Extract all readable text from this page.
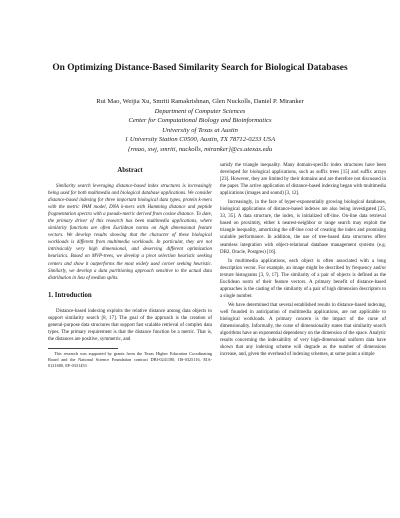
On Optimizing Distance-Based Similarity Search for Biological Databases
Rui Mao, Weijia Xu, Smriti Ramakrishnan, Glen Nuckolls, Daniel P. Miranker
Department of Computer Sciences
Center for Computational Biology and Bioinformatics
University of Texas at Austin
1 University Station C0500, Austin, TX 78712-0233 USA
{rmao, xwj, smriti, nuckolls, miranker}@cs.utexas.edu
Abstract

Similarity search leveraging distance-based index structures is increasingly being used for both multimedia and biological database applications. We consider distance-based indexing for three important biological data types, protein k-mers with the metric PAM model, DNA k-mers with Hamming distance and peptide fragmentation spectra with a pseudo-metric derived from cosine distance. To date, the primary driver of this research has been multimedia applications, where similarity functions are often Euclidean norms on high dimensional feature vectors. We develop results showing that the character of these biological workloads is different from multimedia workloads. In particular, they are not intrinsically very high dimensional, and deserving different optimization heuristics. Based on MVP-trees, we develop a pivot selection heuristic seeking centers and show it outperforms the most widely used corner seeking heuristic. Similarly, we develop a data partitioning approach sensitive to the actual data distribution in lieu of median splits.

1. Introduction

Distance-based indexing exploits the relative distance among data objects to support similarity search [8, 17]. The goal of the approach is the creation of general-purpose data structures that support fast scalable retrieval of complex data types. The primary requirement is that the distance function be a metric. That is, the distances are positive, symmetric, and

This research was supported by grants from the Texas Higher Education Coordinating Board and the National Science Foundation contract DBI-0241180, IIS-0325116, EIA-0121680, EF-0331453

satisfy the triangle inequality. Many domain-specific index structures have been developed for biological applications, such as suffix trees [15] and suffix arrays [23]. However, they are limited by their domains and are therefore not discussed in the paper. The active application of distance-based indexing began with multimedia applications (images and sound) [3, 12].

Increasingly, in the face of hyper-exponentially growing biological databases, biological applications of distance-based indexes are also being investigated [25, 33, 35]. A data structure, the index, is initialized off-line. On-line data retrieval based on proximity, either k nearest-neighbor or range search may exploit the triangle inequality, amortizing the off-line cost of creating the index and promising scalable performance. In addition, the use of tree-based data structures offers seamless integration with object-relational database management systems (e.g. DB2, Oracle, Postgres) [16].

In multimedia applications, each object is often associated with a long description vector. For example, an image might be described by frequency and/or texture histograms [3, 9, 17]. The similarity of a pair of objects is defined as the Euclidean norm of their feature vectors. A primary benefit of distance-based approaches is the casting of the similarity of a pair of high dimension descriptors to a single number.

We have determined that several established results in distance-based indexing, well founded in anticipation of multimedia applications, are not applicable to biological workloads. A primary concern is the impact of the curse of dimensionality. Informally, the curse of dimensionality states that similarity search algorithms have an exponential dependency on the dimension of the space. Analytic results concerning the indexability of very high-dimensional uniform data have shown that any indexing scheme will degrade as the number of dimensions increase, and, given the overhead of indexing schemes, at some point a simple
